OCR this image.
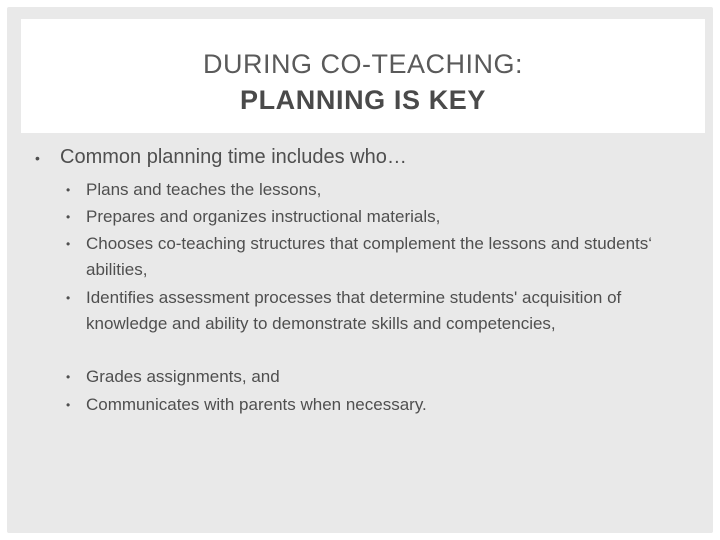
DURING CO-TEACHING:
PLANNING IS KEY
• Common planning time includes who…
• Plans and teaches the lessons,
• Prepares and organizes instructional materials,
• Chooses co-teaching structures that complement the lessons and students‘ abilities,
• Identifies assessment processes that determine students' acquisition of knowledge and ability to demonstrate skills and competencies,
• Grades assignments, and
• Communicates with parents when necessary.
